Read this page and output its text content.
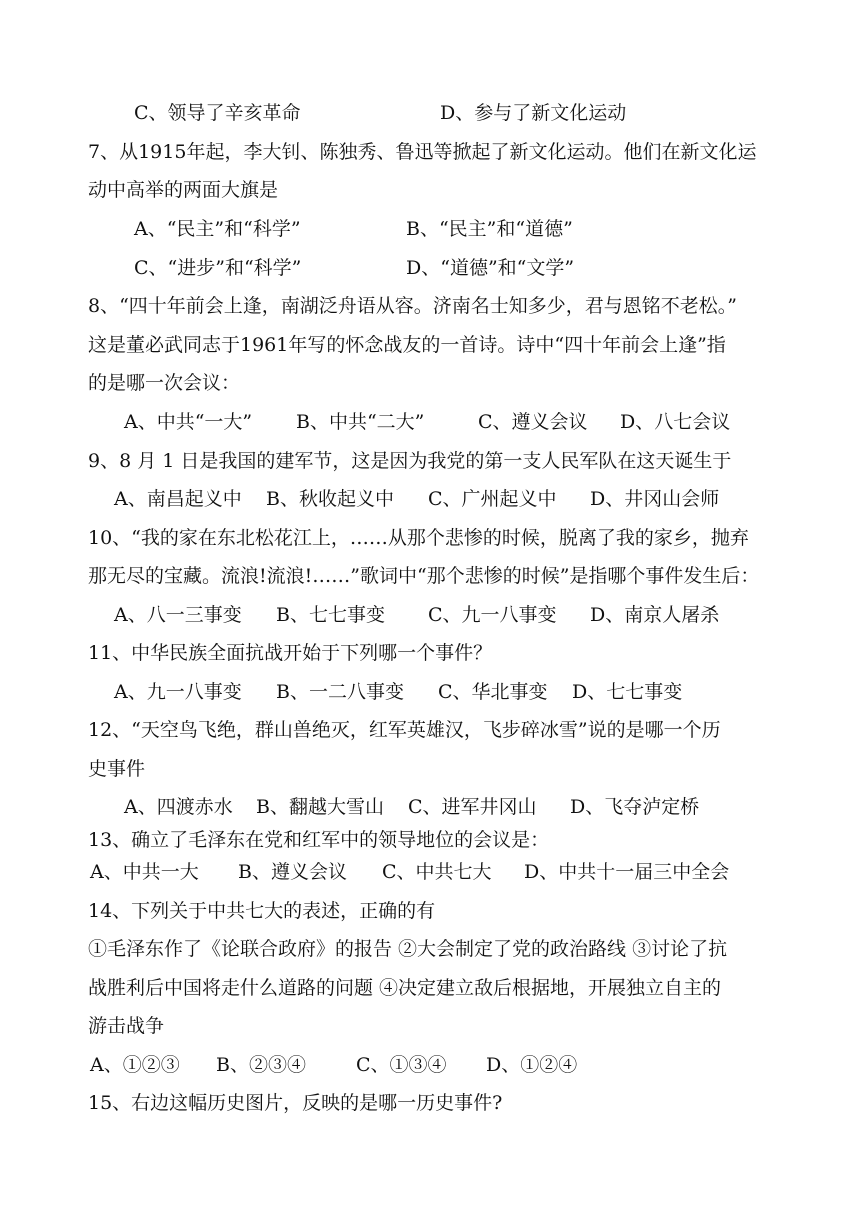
C、领导了辛亥革命	D、参与了新文化运动
7、从1915年起，李大钊、陈独秀、鲁迅等掀起了新文化运动。他们在新文化运
动中高举的两面大旗是
A、“民主”和“科学”	B、“民主”和“道德”
C、“进步”和“科学”	D、“道德”和“文学”
8、“四十年前会上逢，南湖泛舟语从容。济南名士知多少，君与恩铭不老松。”
这是董必武同志于1961年写的怀念战友的一首诗。诗中“四十年前会上逢”指
的是哪一次会议：
A、中共“一大” B、中共“二大”	C、遵义会议 D、八七会议
9、8 月 1 日是我国的建军节，这是因为我党的第一支人民军队在这天诞生于
A、南昌起义中 B、秋收起义中 C、广州起义中 D、井冈山会师
10、“我的家在东北松花江上，……从那个悲惨的时候，脱离了我的家乡，抛弃
那无尽的宝藏。流浪!流浪!……”歌词中“那个悲惨的时候”是指哪个事件发生后：
A、八一三事变 B、七七事变 C、九一八事变 D、南京人屠杀
11、中华民族全面抗战开始于下列哪一个事件？
A、九一八事变 B、一二八事变 C、华北事变 D、七七事变
12、“天空鸟飞绝，群山兽绝灭，红军英雄汉，飞步碎冰雪”说的是哪一个历
史事件
A、四渡赤水 B、翻越大雪山 C、进军井冈山 D、飞夺泸定桥
13、确立了毛泽东在党和红军中的领导地位的会议是：
A、中共一大 B、遵义会议 C、中共七大 D、中共十一届三中全会
14、下列关于中共七大的表述，正确的有
①毛泽东作了《论联合政府》的报告 ②大会制定了党的政治路线 ③讨论了抗
战胜利后中国将走什么道路的问题 ④决定建立敌后根据地，开展独立自主的
游击战争
A、①②③ B、②③④	C、①③④ D、①②④
15、右边这幅历史图片，反映的是哪一历史事件?
